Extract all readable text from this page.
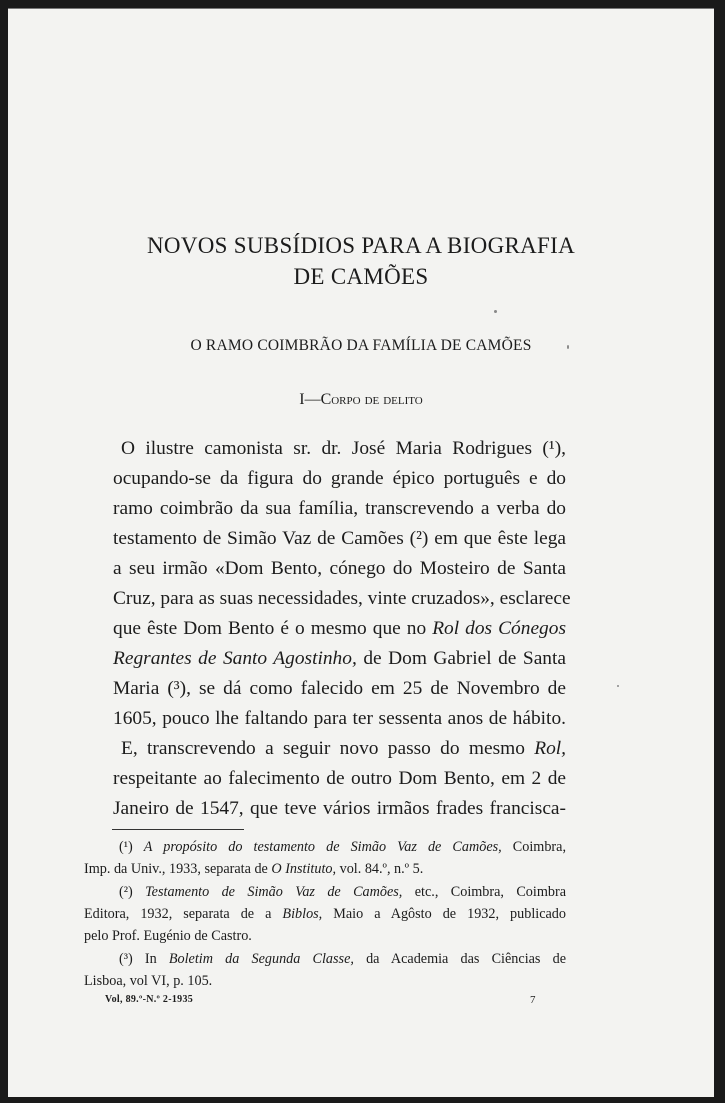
NOVOS SUBSÍDIOS PARA A BIOGRAFIA
DE CAMÕES
O RAMO COIMBRÃO DA FAMÍLIA DE CAMÕES
I—Corpo de delito
O ilustre camonista sr. dr. José Maria Rodrigues (¹),
ocupando-se da figura do grande épico português e do
ramo coimbrão da sua família, transcrevendo a verba do
testamento de Simão Vaz de Camões (²) em que êste lega
a seu irmão «Dom Bento, cónego do Mosteiro de Santa
Cruz, para as suas necessidades, vinte cruzados», esclarece
que êste Dom Bento é o mesmo que no Rol dos Cónegos
Regrantes de Santo Agostinho, de Dom Gabriel de Santa
Maria (³), se dá como falecido em 25 de Novembro de
1605, pouco lhe faltando para ter sessenta anos de hábito.
E, transcrevendo a seguir novo passo do mesmo Rol,
respeitante ao falecimento de outro Dom Bento, em 2 de
Janeiro de 1547, que teve vários irmãos frades francisca-
(¹) A propósito do testamento de Simão Vaz de Camões, Coimbra,
Imp. da Univ., 1933, separata de O Instituto, vol. 84.º, n.º 5.
(²) Testamento de Simão Vaz de Camões, etc., Coimbra, Coimbra
Editora, 1932, separata de a Biblos, Maio a Agôsto de 1932, publicado
pelo Prof. Eugénio de Castro.
(³) In Boletim da Segunda Classe, da Academia das Ciências de
Lisboa, vol VI, p. 105.
Vol, 89.º-N.º 2-1935	7
